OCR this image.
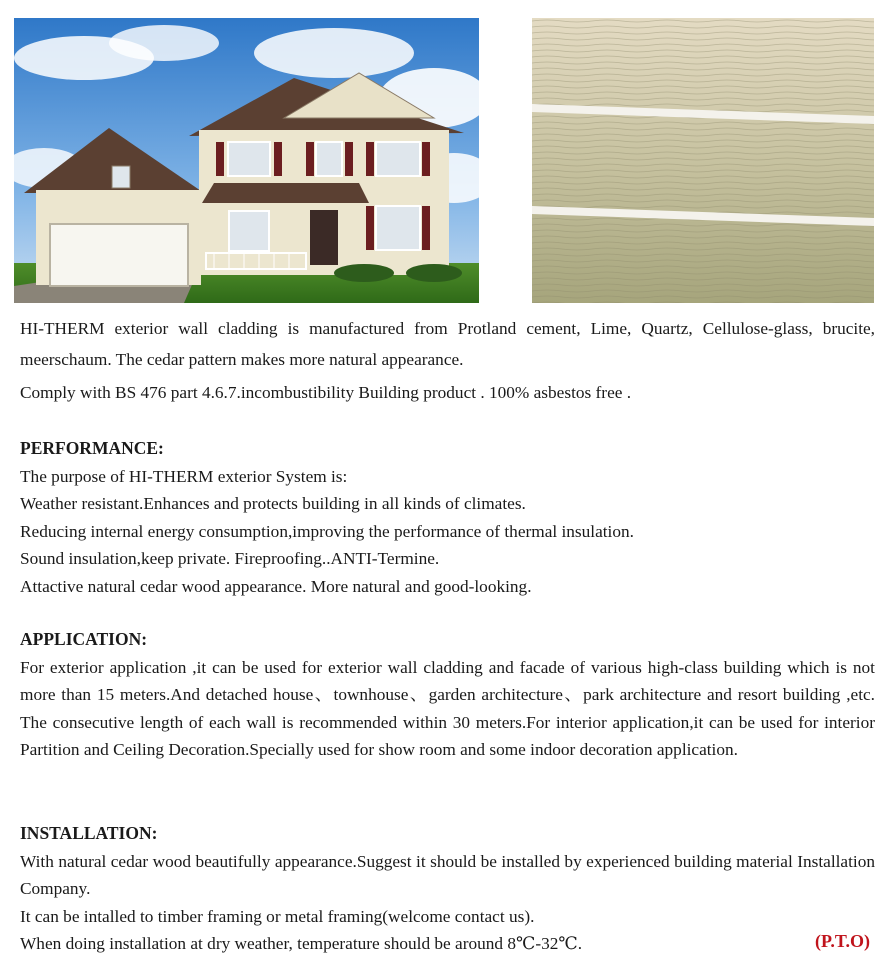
HI-THERM exterior wall cladding is manufactured from Protland cement, Lime, Quartz, Cellulose-glass, brucite, meerschaum. The cedar pattern makes more natural appearance.

Comply with BS 476 part 4.6.7.incombustibility Building product . 100% asbestos free .

PERFORMANCE:

The purpose of HI-THERM exterior System is:

Weather resistant.Enhances and protects building in all kinds of climates.

Reducing internal energy consumption,improving the performance of thermal insulation.

Sound insulation,keep private. Fireproofing..ANTI-Termine.

Attactive natural cedar wood appearance. More natural and good-looking.

APPLICATION:

For exterior application ,it can be used for exterior wall cladding and facade of various high-class building which is not more than 15 meters.And detached house、townhouse、garden architecture、park architecture and resort building ,etc. The consecutive length of each wall is recommended within 30 meters.For interior application,it can be used for interior Partition and Ceiling Decoration.Specially used for show room and some indoor decoration application.

INSTALLATION:

With natural cedar wood beautifully appearance.Suggest it should be installed by experienced building material Installation Company.

It can be intalled to timber framing or metal framing(welcome contact us).

When doing installation at dry weather, temperature should be around 8℃-32℃.	(P.T.O)
